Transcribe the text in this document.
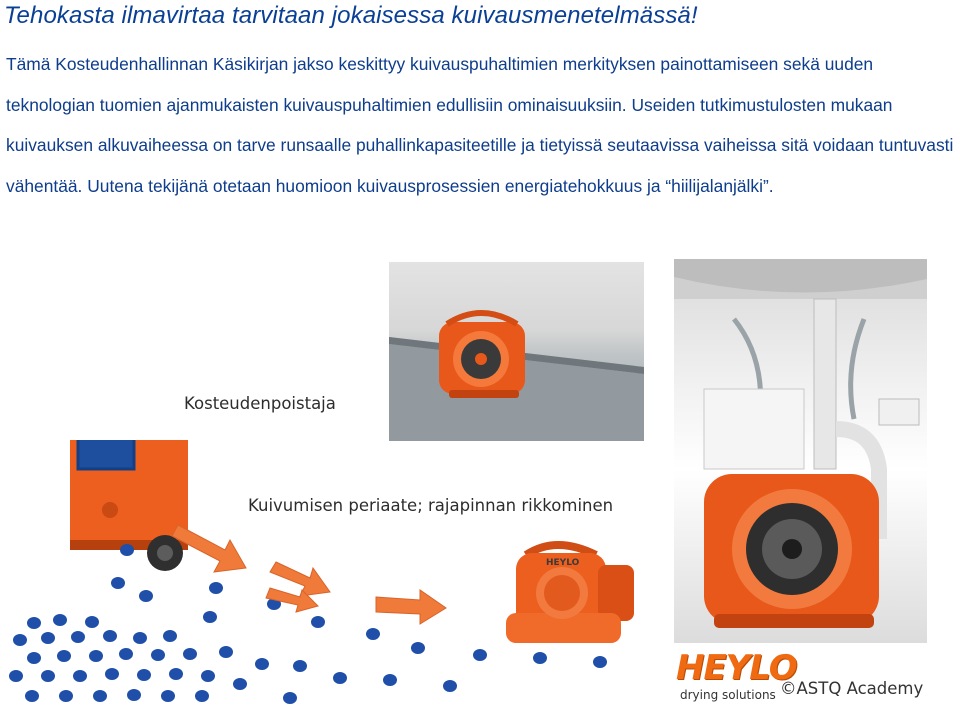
Tehokasta ilmavirtaa tarvitaan jokaisessa kuivausmenetelmässä!

Tämä Kosteudenhallinnan Käsikirjan jakso keskittyy kuivauspuhaltimien merkityksen painottamiseen sekä uuden teknologian tuomien ajanmukaisten kuivauspuhaltimien edullisiin ominaisuuksiin. Useiden tutkimustulosten mukaan kuivauksen alkuvaiheessa on tarve runsaalle puhallinkapasiteetille ja tietyissä seutaavissa vaiheissa sitä voidaan tuntuvasti vähentää. Uutena tekijänä otetaan huomioon kuivausprosessien energiatehokkuus ja “hiilijalanjälki”.

HEYLO
Kosteudenpoistaja
Kuivumisen periaate; rajapinnan rikkominen
HEYLO
drying solutions ©ASTQ Academy
